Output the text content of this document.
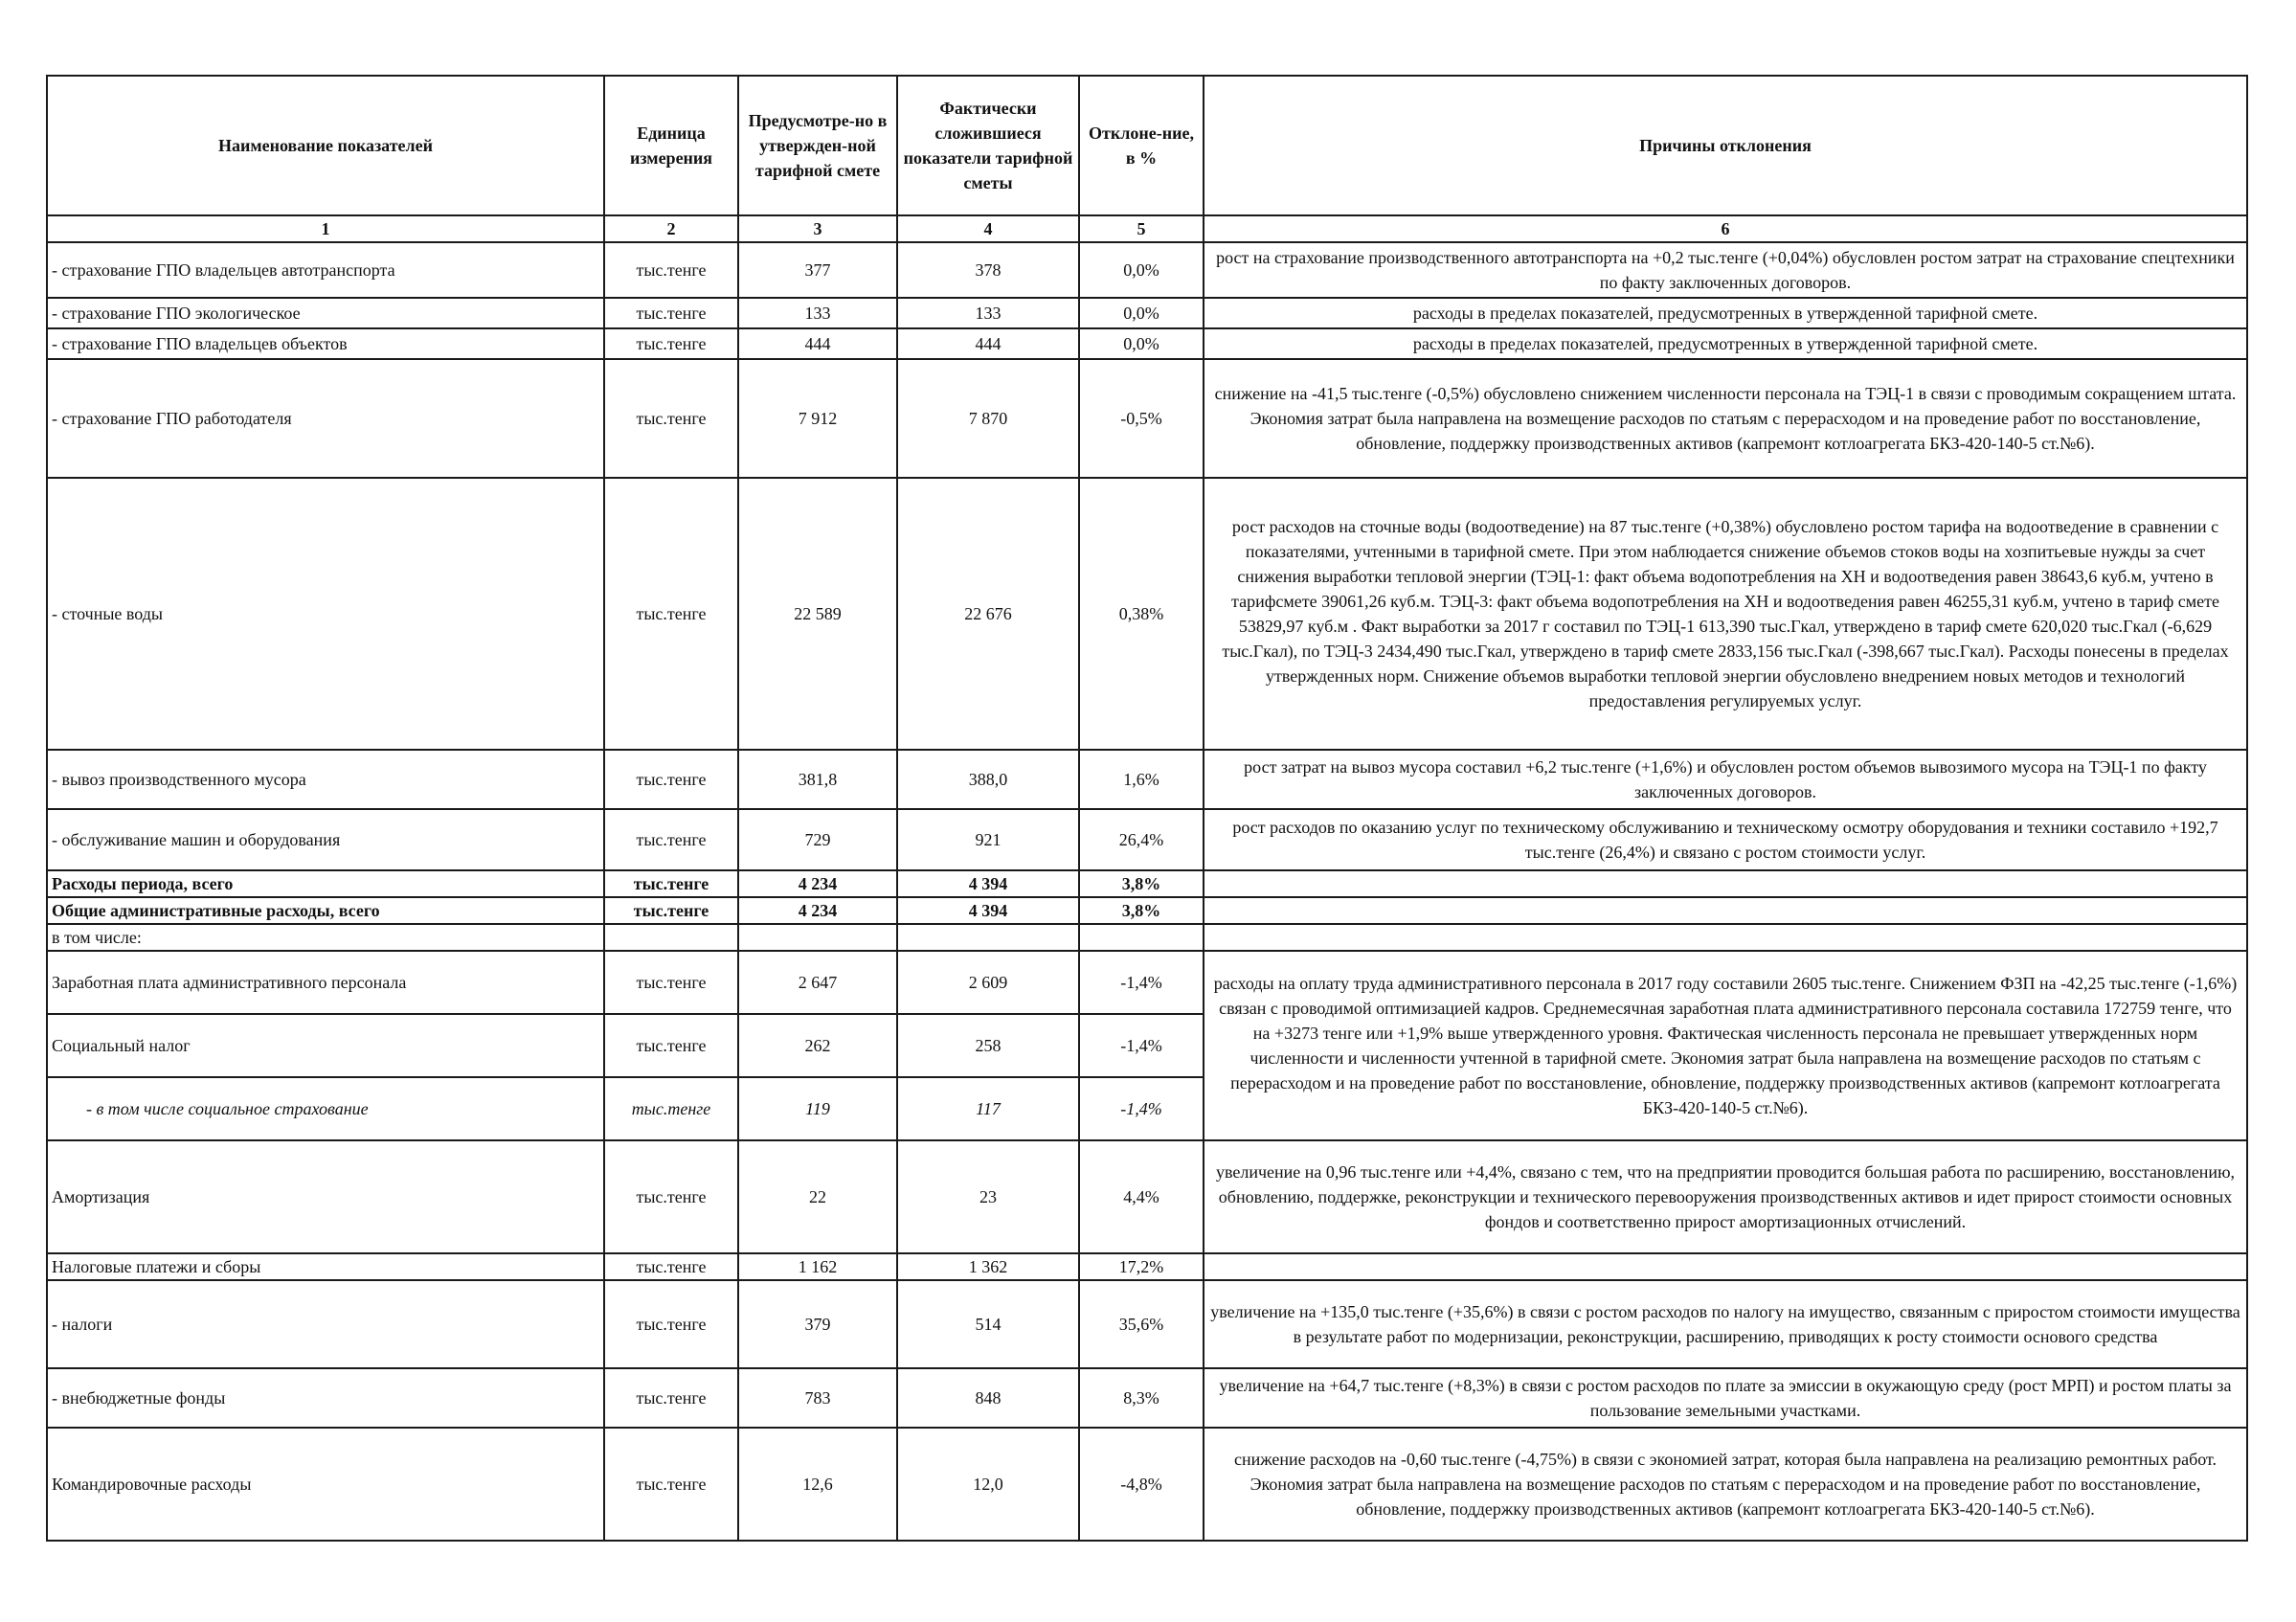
Наименование показателей	Единица измерения	Предусмотре-но в утвержден-ной тарифной смете	Фактически сложившиеся показатели тарифной сметы	Отклоне-ние, в %	Причины отклонения
1	2	3	4	5	6
- страхование ГПО владельцев автотранспорта	тыс.тенге	377	378	0,0%	рост на страхование производственного автотранспорта на +0,2 тыс.тенге (+0,04%) обусловлен ростом затрат на страхование спецтехники по факту заключенных договоров.
- страхование ГПО экологическое	тыс.тенге	133	133	0,0%	расходы в пределах показателей, предусмотренных в утвержденной тарифной смете.
- страхование ГПО владельцев объектов	тыс.тенге	444	444	0,0%	расходы в пределах показателей, предусмотренных в утвержденной тарифной смете.
- страхование ГПО работодателя	тыс.тенге	7 912	7 870	-0,5%	снижение на -41,5 тыс.тенге (-0,5%) обусловлено снижением численности персонала на ТЭЦ-1 в связи с проводимым сокращением штата. Экономия затрат была направлена на возмещение расходов по статьям с перерасходом и на проведение работ по восстановление, обновление, поддержку производственных активов (капремонт котлоагрегата БКЗ-420-140-5 ст.№6).
- сточные воды	тыс.тенге	22 589	22 676	0,38%	рост расходов на сточные воды (водоотведение) на 87 тыс.тенге (+0,38%) обусловлено ростом тарифа на водоотведение в сравнении с показателями, учтенными в тарифной смете. При этом наблюдается снижение объемов стоков воды на хозпитьевые нужды за счет снижения выработки тепловой энергии (ТЭЦ-1: факт объема водопотребления на ХН и водоотведения равен 38643,6 куб.м, учтено в тарифсмете 39061,26 куб.м. ТЭЦ-3: факт объема водопотребления на ХН и водоотведения равен 46255,31 куб.м, учтено в тариф смете 53829,97 куб.м . Факт выработки за 2017 г составил по ТЭЦ-1 613,390 тыс.Гкал, утверждено в тариф смете 620,020 тыс.Гкал (-6,629 тыс.Гкал), по ТЭЦ-3 2434,490 тыс.Гкал, утверждено в тариф смете 2833,156 тыс.Гкал (-398,667 тыс.Гкал). Расходы понесены в пределах утвержденных норм. Снижение объемов выработки тепловой энергии обусловлено внедрением новых методов и технологий предоставления регулируемых услуг.
- вывоз производственного мусора	тыс.тенге	381,8	388,0	1,6%	рост затрат на вывоз мусора составил +6,2 тыс.тенге (+1,6%) и обусловлен ростом объемов вывозимого мусора на ТЭЦ-1 по факту заключенных договоров.
- обслуживание машин и оборудования	тыс.тенге	729	921	26,4%	рост расходов по оказанию услуг по техническому обслуживанию и техническому осмотру оборудования и техники составило +192,7 тыс.тенге (26,4%) и связано с ростом стоимости услуг.
Расходы периода, всего	тыс.тенге	4 234	4 394	3,8%	
Общие административные расходы, всего	тыс.тенге	4 234	4 394	3,8%	
в том числе:					
Заработная плата административного персонала	тыс.тенге	2 647	2 609	-1,4%	расходы на оплату труда административного персонала в 2017 году составили 2605 тыс.тенге. Снижением ФЗП на -42,25 тыс.тенге (-1,6%) связан с проводимой оптимизацией кадров. Среднемесячная заработная плата административного персонала составила 172759 тенге, что на +3273 тенге или +1,9% выше утвержденного уровня. Фактическая численность персонала не превышает утвержденных норм численности и численности учтенной в тарифной смете. Экономия затрат была направлена на возмещение расходов по статьям с перерасходом и на проведение работ по восстановление, обновление, поддержку производственных активов (капремонт котлоагрегата БКЗ-420-140-5 ст.№6).
Социальный налог	тыс.тенге	262	258	-1,4%	
- в том числе социальное страхование	тыс.тенге	119	117	-1,4%	
Амортизация	тыс.тенге	22	23	4,4%	увеличение на 0,96 тыс.тенге или +4,4%, связано с тем, что на предприятии проводится большая работа по расширению, восстановлению, обновлению, поддержке, реконструкции и технического перевооружения производственных активов и идет прирост стоимости основных фондов и соответственно прирост амортизационных отчислений.
Налоговые платежи и сборы	тыс.тенге	1 162	1 362	17,2%	
- налоги	тыс.тенге	379	514	35,6%	увеличение на +135,0 тыс.тенге (+35,6%) в связи с ростом расходов по налогу на имущество, связанным с приростом стоимости имущества в результате работ по модернизации, реконструкции, расширению, приводящих к росту стоимости основого средства
- внебюджетные фонды	тыс.тенге	783	848	8,3%	увеличение на +64,7 тыс.тенге (+8,3%) в связи с ростом расходов по плате за эмиссии в окужающую среду (рост МРП) и ростом платы за пользование земельными участками.
Командировочные расходы	тыс.тенге	12,6	12,0	-4,8%	снижение расходов на -0,60 тыс.тенге (-4,75%) в связи с экономией затрат, которая была направлена на реализацию ремонтных работ. Экономия затрат была направлена на возмещение расходов по статьям с перерасходом и на проведение работ по восстановление, обновление, поддержку производственных активов (капремонт котлоагрегата БКЗ-420-140-5 ст.№6).
